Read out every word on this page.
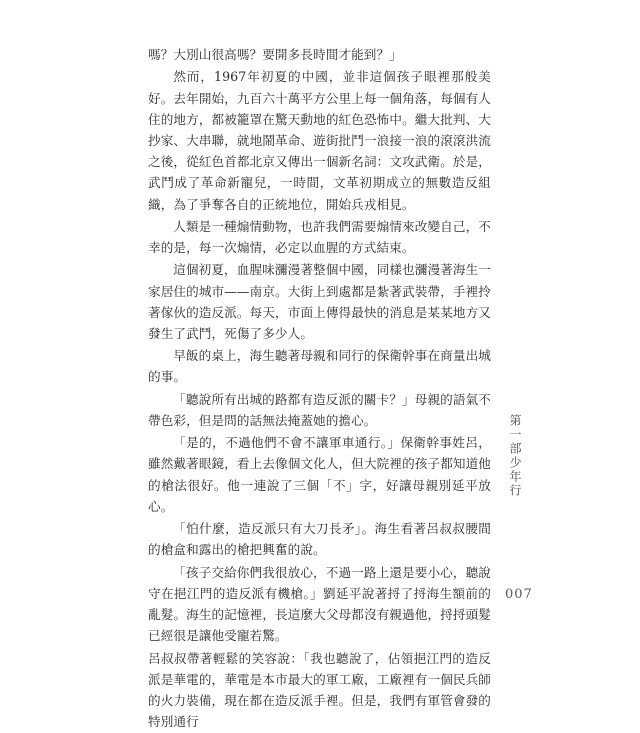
嗎？大別山很高嗎？要開多長時間才能到？」

然而，1967年初夏的中國，並非這個孩子眼裡那般美好。去年開始，九百六十萬平方公里上每一個角落，每個有人住的地方，都被籠罩在驚天動地的紅色恐怖中。繼大批判、大抄家、大串聯，就地鬧革命、遊街批鬥一浪接一浪的滾滾洪流之後，從紅色首都北京又傳出一個新名詞：文攻武衛。於是，武鬥成了革命新寵兒，一時間，文革初期成立的無數造反組織，為了爭奪各自的正統地位，開始兵戎相見。

人類是一種煽情動物，也許我們需要煽情來改變自己，不幸的是，每一次煽情，必定以血腥的方式結束。

這個初夏，血腥味瀰漫著整個中國，同樣也瀰漫著海生一家居住的城市——南京。大街上到處都是紮著武裝帶，手裡拎著傢伙的造反派。每天，市面上傳得最快的消息是某某地方又發生了武鬥，死傷了多少人。

早飯的桌上，海生聽著母親和同行的保衛幹事在商量出城的事。

「聽說所有出城的路都有造反派的關卡？」母親的語氣不帶色彩，但是問的話無法掩蓋她的擔心。

「是的，不過他們不會不讓軍車通行。」保衛幹事姓呂，雖然戴著眼鏡，看上去像個文化人，但大院裡的孩子都知道他的槍法很好。他一連說了三個「不」字，好讓母親別延平放心。

「怕什麼，造反派只有大刀長矛」。海生看著呂叔叔腰間的槍盒和露出的槍把興奮的說。

「孩子交給你們我很放心，不過一路上還是要小心，聽說守在挹江門的造反派有機槍。」劉延平說著捋了捋海生額前的亂髮。海生的記憶裡，長這麼大父母都沒有親過他，捋捋頭髮已經很是讓他受寵若驚。

呂叔叔帶著輕鬆的笑容說：「我也聽說了，佔領挹江門的造反派是華電的，華電是本市最大的軍工廠，工廠裡有一個民兵師的火力裝備，現在都在造反派手裡。但是，我們有軍管會發的特別通行

第一部少年行
007
